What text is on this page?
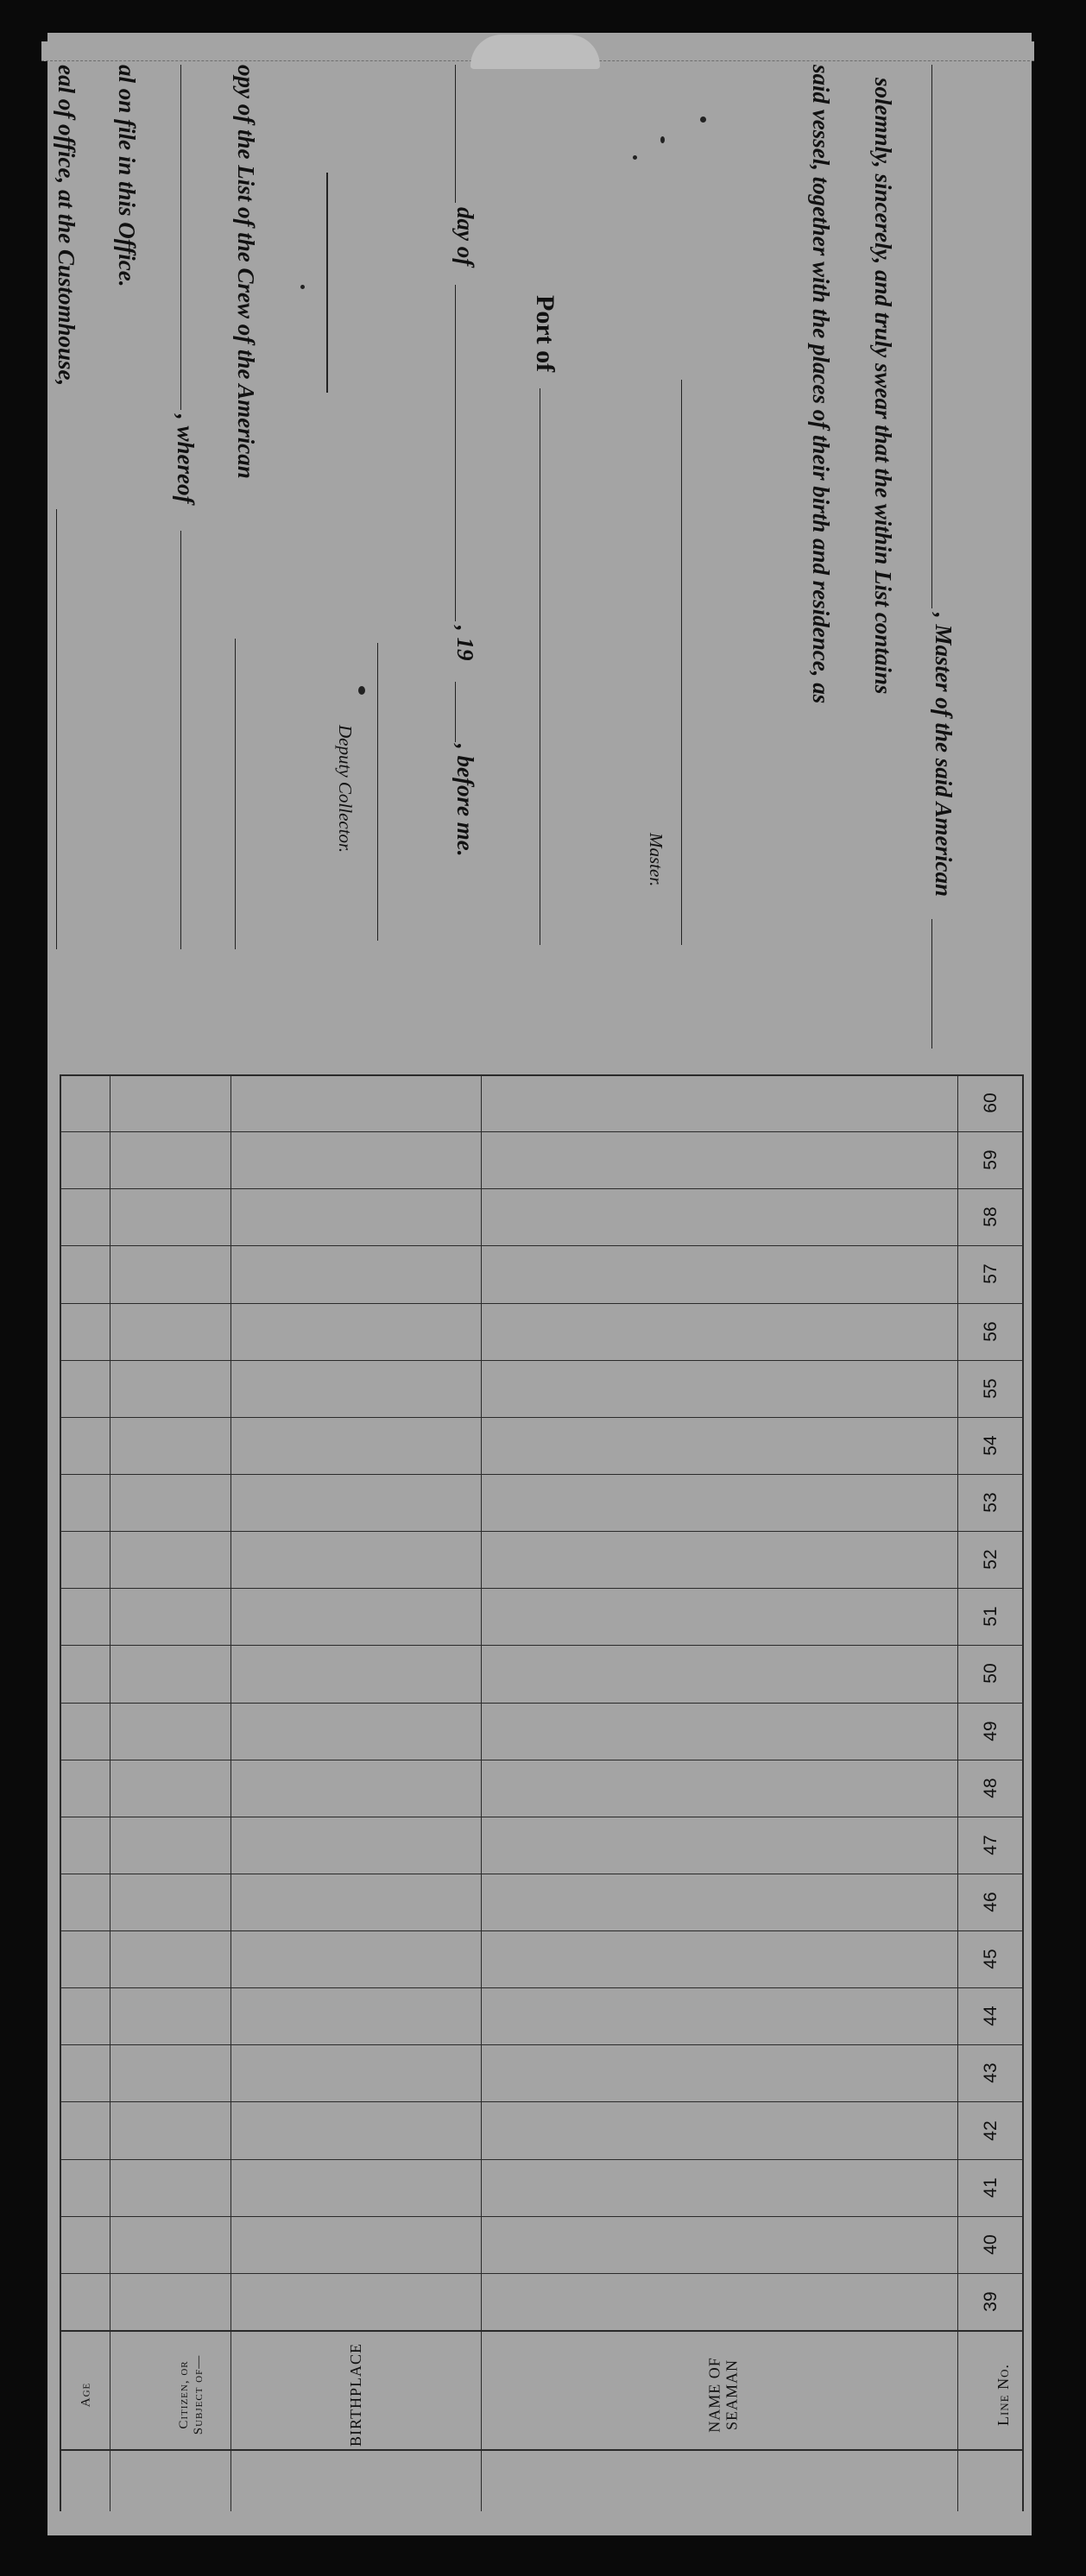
, Master of the said American
solemnly, sincerely, and truly swear that the within List contains
said vessel, together with the places of their birth and residence, as
Master.
Port of
day of
, 19
, before me.
Deputy Collector.
opy of the List of the Crew of the American
, whereof
al on file in this Office.
eal of office, at the Customhouse,
39
40
41
42
43
44
45
46
47
48
49
50
51
52
53
54
55
56
57
58
59
60
Line No.
NAME OF SEAMAN
BIRTHPLACE
Citizen, or Subject of—
Age
